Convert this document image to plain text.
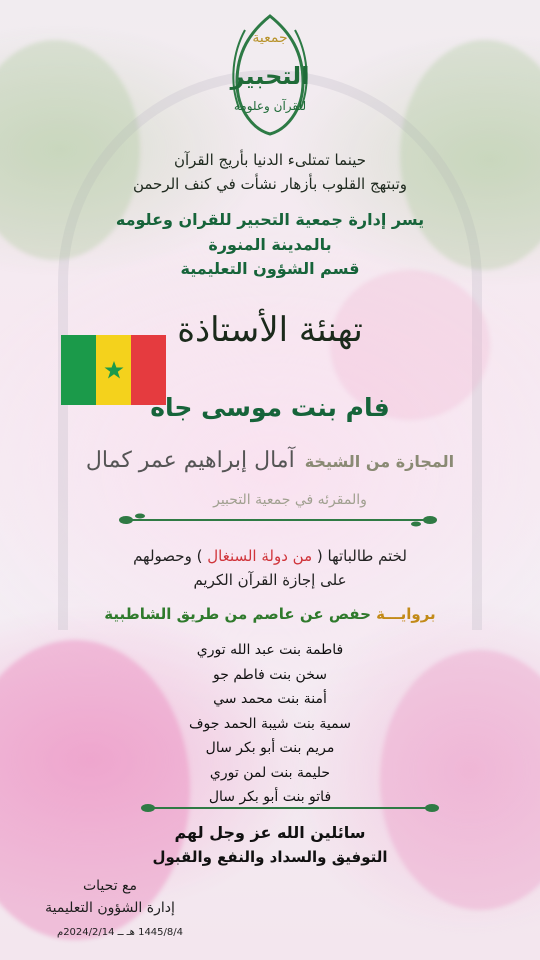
جمعية
التحبير
للقرآن وعلومه
حينما تمتلىء الدنيا بأريج القرآن
وتبتهج القلوب بأزهار نشأت في كنف الرحمن
يسر إدارة جمعية التحبير للقران وعلومه
بالمدينة المنورة
قسم الشؤون التعليمية
تهنئة الأستاذة
فام بنت موسى جاه
المجازة من الشيخة
آمال إبراهيم عمر كمال
والمقرئه في جمعية التحبير
لختم طالباتها ( من دولة السنغال ) وحصولهم
على إجازة القرآن الكريم
بروايـــة حفص عن عاصم من طريق الشاطبية
فاطمة بنت عبد الله توري
سخن بنت فاطم جو
أمنة بنت محمد سي
سمية بنت شيبة الحمد جوف
مريم بنت أبو بكر سال
حليمة بنت لمن توري
فاتو بنت أبو بكر سال
سائلين الله عز وجل لهم
التوفيق والسداد والنفع والقبول
مع تحيات
إدارة الشؤون التعليمية
1445/8/4 هـ ــ 2024/2/14م
